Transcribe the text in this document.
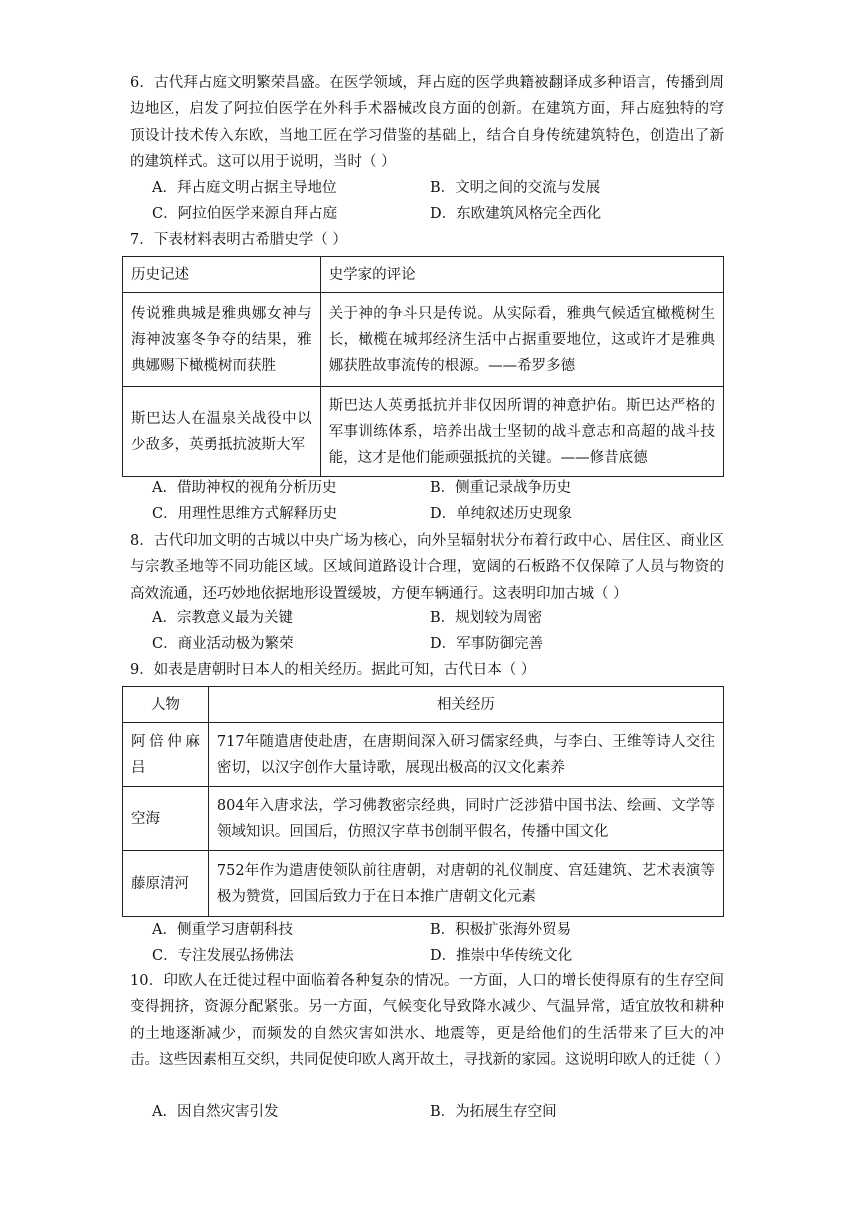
6．古代拜占庭文明繁荣昌盛。在医学领域，拜占庭的医学典籍被翻译成多种语言，传播到周边地区，启发了阿拉伯医学在外科手术器械改良方面的创新。在建筑方面，拜占庭独特的穹顶设计技术传入东欧，当地工匠在学习借鉴的基础上，结合自身传统建筑特色，创造出了新的建筑样式。这可以用于说明，当时（ ）
A．拜占庭文明占据主导地位	B．文明之间的交流与发展
C．阿拉伯医学来源自拜占庭	D．东欧建筑风格完全西化
7．下表材料表明古希腊史学（ ）
历史记述	史学家的评论
传说雅典城是雅典娜女神与海神波塞冬争夺的结果，雅典娜赐下橄榄树而获胜	关于神的争斗只是传说。从实际看，雅典气候适宜橄榄树生长，橄榄在城邦经济生活中占据重要地位，这或许才是雅典娜获胜故事流传的根源。——希罗多德
斯巴达人在温泉关战役中以少敌多，英勇抵抗波斯大军	斯巴达人英勇抵抗并非仅因所谓的神意护佑。斯巴达严格的军事训练体系，培养出战士坚韧的战斗意志和高超的战斗技能，这才是他们能顽强抵抗的关键。——修昔底德
A．借助神权的视角分析历史	B．侧重记录战争历史
C．用理性思维方式解释历史	D．单纯叙述历史现象
8．古代印加文明的古城以中央广场为核心，向外呈辐射状分布着行政中心、居住区、商业区与宗教圣地等不同功能区域。区域间道路设计合理，宽阔的石板路不仅保障了人员与物资的高效流通，还巧妙地依据地形设置缓坡，方便车辆通行。这表明印加古城（ ）
A．宗教意义最为关键	B．规划较为周密
C．商业活动极为繁荣	D．军事防御完善
9．如表是唐朝时日本人的相关经历。据此可知，古代日本（ ）
人物	相关经历
阿倍仲麻吕	717年随遣唐使赴唐，在唐期间深入研习儒家经典，与李白、王维等诗人交往密切，以汉字创作大量诗歌，展现出极高的汉文化素养
空海	804年入唐求法，学习佛教密宗经典，同时广泛涉猎中国书法、绘画、文学等领域知识。回国后，仿照汉字草书创制平假名，传播中国文化
藤原清河	752年作为遣唐使领队前往唐朝，对唐朝的礼仪制度、宫廷建筑、艺术表演等极为赞赏，回国后致力于在日本推广唐朝文化元素
A．侧重学习唐朝科技	B．积极扩张海外贸易
C．专注发展弘扬佛法	D．推崇中华传统文化
10．印欧人在迁徙过程中面临着各种复杂的情况。一方面，人口的增长使得原有的生存空间变得拥挤，资源分配紧张。另一方面，气候变化导致降水减少、气温异常，适宜放牧和耕种的土地逐渐减少，而频发的自然灾害如洪水、地震等，更是给他们的生活带来了巨大的冲击。这些因素相互交织，共同促使印欧人离开故土，寻找新的家园。这说明印欧人的迁徙（ ）
A．因自然灾害引发	B．为拓展生存空间
